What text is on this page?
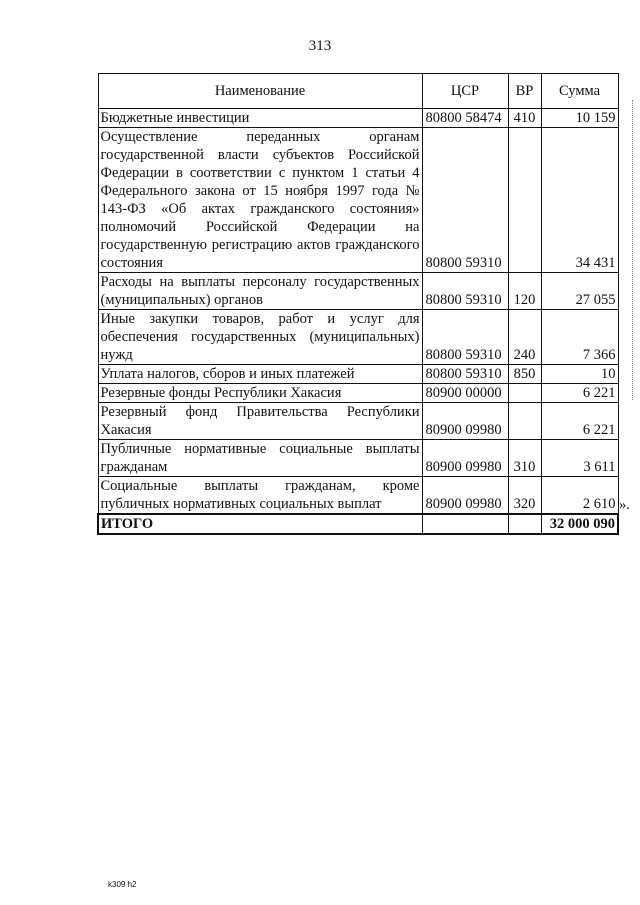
313
Наименование	ЦСР	ВР	Сумма
Бюджетные инвестиции	80800 58474	410	10 159
Осуществление переданных органам государственной власти субъектов Российской Федерации в соответствии с пунктом 1 статьи 4 Федерального закона от 15 ноября 1997 года № 143-ФЗ «Об актах гражданского состояния» полномочий Российской Федерации на государственную регистрацию актов гражданского состояния	80800 59310		34 431
Расходы на выплаты персоналу государственных (муниципальных) органов	80800 59310	120	27 055
Иные закупки товаров, работ и услуг для обеспечения государственных (муниципальных) нужд	80800 59310	240	7 366
Уплата налогов, сборов и иных платежей	80800 59310	850	10
Резервные фонды Республики Хакасия	80900 00000		6 221
Резервный фонд Правительства Республики Хакасия	80900 09980		6 221
Публичные нормативные социальные выплаты гражданам	80900 09980	310	3 611
Социальные выплаты гражданам, кроме публичных нормативных социальных выплат	80900 09980	320	2 610
ИТОГО			32 000 090
».
k309 h2
